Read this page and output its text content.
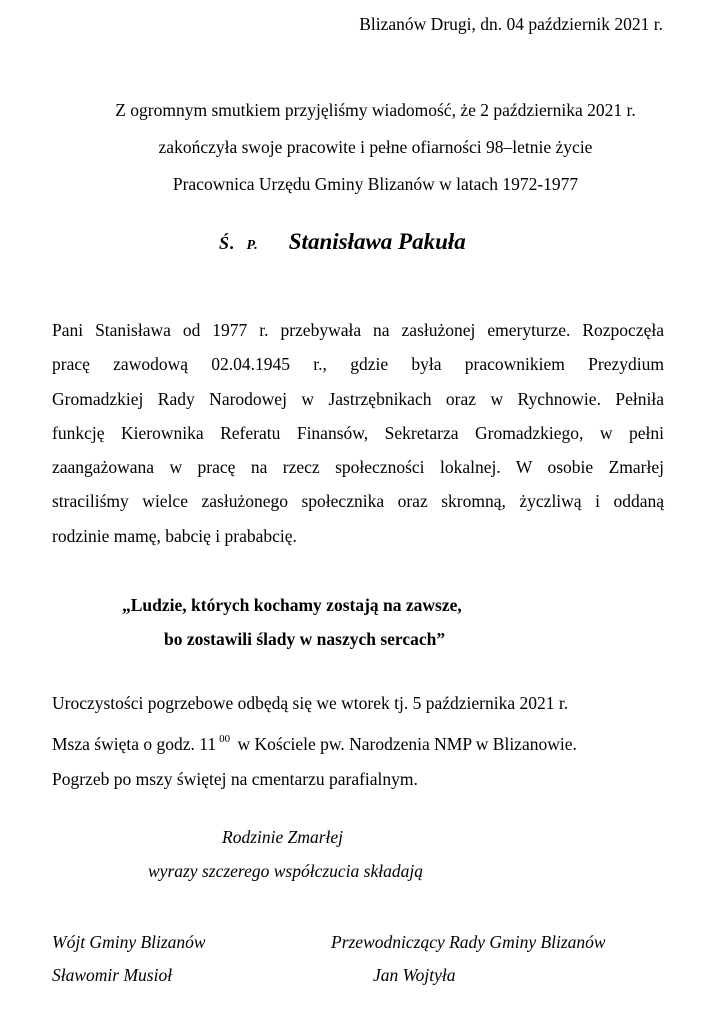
Blizanów Drugi, dn. 04 październik 2021 r.
Z ogromnym smutkiem przyjęliśmy wiadomość, że 2 października 2021 r.
zakończyła swoje pracowite i pełne ofiarności 98–letnie życie
Pracownica Urzędu Gminy Blizanów w latach 1972-1977
Ś. P. Stanisława Pakuła
Pani Stanisława od 1977 r. przebywała na zasłużonej emeryturze. Rozpoczęła
pracę zawodową 02.04.1945 r., gdzie była pracownikiem Prezydium
Gromadzkiej Rady Narodowej w Jastrzębnikach oraz w Rychnowie. Pełniła
funkcję Kierownika Referatu Finansów, Sekretarza Gromadzkiego, w pełni
zaangażowana w pracę na rzecz społeczności lokalnej. W osobie Zmarłej
straciliśmy wielce zasłużonego społecznika oraz skromną, życzliwą i oddaną
rodzinie mamę, babcię i prababcię.
„Ludzie, których kochamy zostają na zawsze,
bo zostawili ślady w naszych sercach”
Uroczystości pogrzebowe odbędą się we wtorek tj. 5 października 2021 r.
Msza święta o godz. 11 $^{00}$ w Kościele pw. Narodzenia NMP w Blizanowie.
Pogrzeb po mszy świętej na cmentarzu parafialnym.
Rodzinie Zmarłej
wyrazy szczerego współczucia składają
Wójt Gminy Blizanów
Sławomir Musioł
Przewodniczący Rady Gminy Blizanów
Jan Wojtyła
